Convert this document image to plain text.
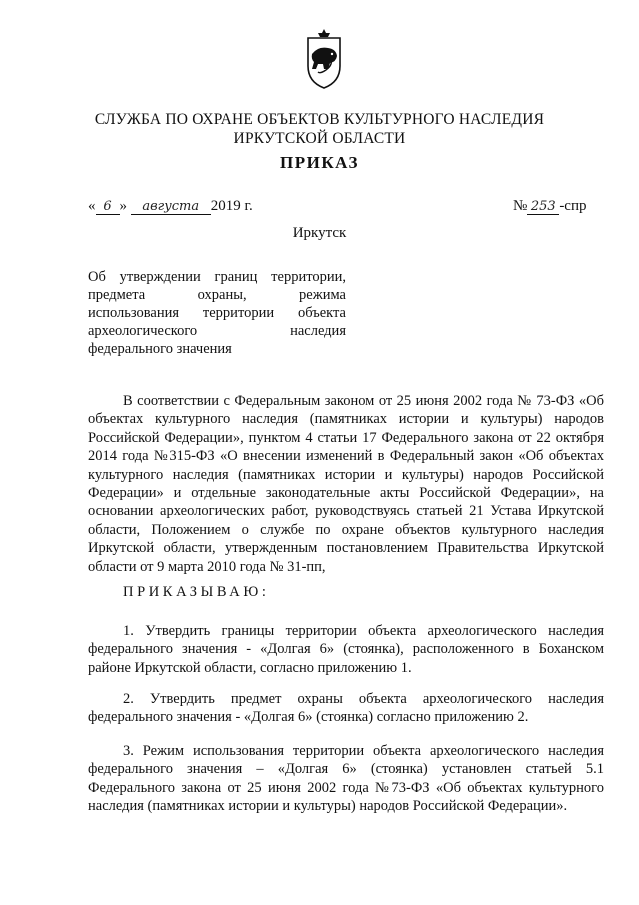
СЛУЖБА ПО ОХРАНЕ ОБЪЕКТОВ КУЛЬТУРНОГО НАСЛЕДИЯ
ИРКУТСКОЙ ОБЛАСТИ
ПРИКАЗ
« 6 » августа 2019 г.	№ 253 -спр
Иркутск
Об утверждении границ территории,
предмета охраны, режима
использования территории объекта
археологического наследия
федерального значения
В соответствии с Федеральным законом от 25 июня 2002 года № 73-ФЗ «Об объектах культурного наследия (памятниках истории и культуры) народов Российской Федерации», пунктом 4 статьи 17 Федерального закона от 22 октября 2014 года №315-ФЗ «О внесении изменений в Федеральный закон «Об объектах культурного наследия (памятниках истории и культуры) народов Российской Федерации» и отдельные законодательные акты Российской Федерации», на основании археологических работ, руководствуясь статьей 21 Устава Иркутской области, Положением о службе по охране объектов культурного наследия Иркутской области, утвержденным постановлением Правительства Иркутской области от 9 марта 2010 года № 31-пп,
ПРИКАЗЫВАЮ:
1. Утвердить границы территории объекта археологического наследия федерального значения - «Долгая 6» (стоянка), расположенного в Боханском районе Иркутской области, согласно приложению 1.
2. Утвердить предмет охраны объекта археологического наследия федерального значения - «Долгая 6» (стоянка) согласно приложению 2.
3. Режим использования территории объекта археологического наследия федерального значения – «Долгая 6» (стоянка) установлен статьей 5.1 Федерального закона от 25 июня 2002 года №73-ФЗ «Об объектах культурного наследия (памятниках истории и культуры) народов Российской Федерации».
